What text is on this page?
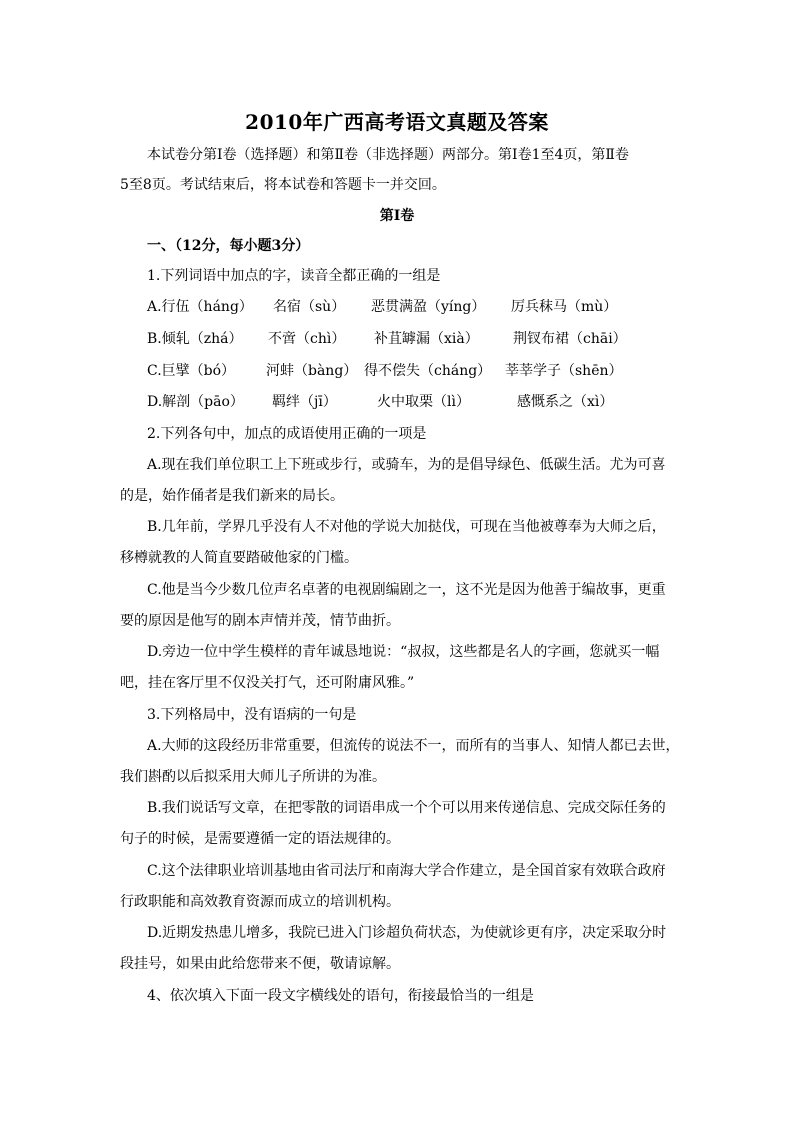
2010年广西高考语文真题及答案
本试卷分第Ⅰ卷（选择题）和第Ⅱ卷（非选择题）两部分。第Ⅰ卷1至4页，第Ⅱ卷
5至8页。考试结束后，将本试卷和答题卡一并交回。
第Ⅰ卷
一、（12分，每小题3分）
1.下列词语中加点的字，读音全都正确的一组是
A.行伍（háng） 名宿（sù） 恶贯满盈（yíng） 厉兵秣马（mù）
B.倾轧（zhá） 不啻（chì） 补苴罅漏（xià） 荆钗布裙（chāi）
C.巨擘（bó） 河蚌（bàng） 得不偿失（cháng） 莘莘学子（shēn）
D.解剖（pāo） 羁绊（jī）	火中取栗（lì）	感慨系之（xì）
2.下列各句中，加点的成语使用正确的一项是
A.现在我们单位职工上下班或步行，或骑车，为的是倡导绿色、低碳生活。尤为可喜
的是，始作俑者是我们新来的局长。
B.几年前，学界几乎没有人不对他的学说大加挞伐，可现在当他被尊奉为大师之后，
移樽就教的人简直要踏破他家的门槛。
C.他是当今少数几位声名卓著的电视剧编剧之一，这不光是因为他善于编故事，更重
要的原因是他写的剧本声情并茂，情节曲折。
D.旁边一位中学生模样的青年诚恳地说：“叔叔，这些都是名人的字画，您就买一幅
吧，挂在客厅里不仅没关打气，还可附庸风雅。”
3.下列格局中，没有语病的一句是
A.大师的这段经历非常重要，但流传的说法不一，而所有的当事人、知情人都已去世，
我们斟酌以后拟采用大师儿子所讲的为准。
B.我们说话写文章，在把零散的词语串成一个个可以用来传递信息、完成交际任务的
句子的时候，是需要遵循一定的语法规律的。
C.这个法律职业培训基地由省司法厅和南海大学合作建立，是全国首家有效联合政府
行政职能和高效教育资源而成立的培训机构。
D.近期发热患儿增多，我院已进入门诊超负荷状态，为使就诊更有序，决定采取分时
段挂号，如果由此给您带来不便，敬请谅解。
4、依次填入下面一段文字横线处的语句，衔接最恰当的一组是
